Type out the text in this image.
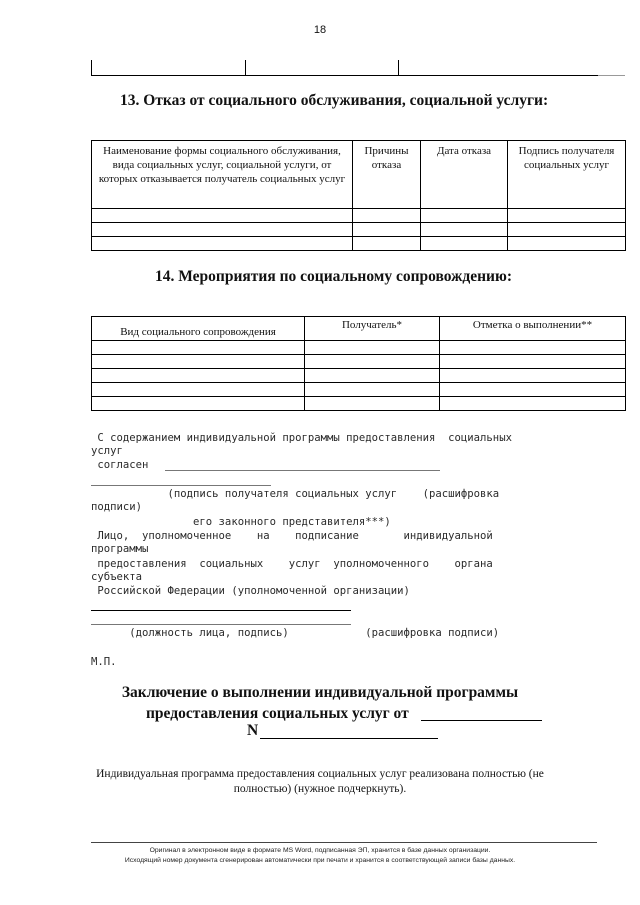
18
13. Отказ от социального обслуживания, социальной услуги:
Наименование формы социального обслуживания, вида социальных услуг, социальной услуги, от которых отказывается получатель социальных услуг	Причины отказа	Дата отказа	Подпись получателя социальных услуг

14. Мероприятия по социальному сопровождению:
Вид социального сопровождения	Получатель*	Отметка о выполнении**

С содержанием индивидуальной программы предоставления  социальных
услуг
согласен
(подпись получателя социальных услуг    (расшифровка
подписи)
его законного представителя***)
Лицо,  уполномоченное    на    подписание       индивидуальной
программы
предоставления  социальных    услуг  уполномоченного    органа
субъекта
Российской Федерации (уполномоченной организации)
(должность лица, подпись)            (расшифровка подписи)
М.П.
Заключение о выполнении индивидуальной программы
предоставления социальных услуг от
N
Индивидуальная программа предоставления социальных услуг реализована полностью (не
полностью) (нужное подчеркнуть).
Оригинал в электронном виде в формате MS Word, подписанная ЭП, хранится в базе данных организации.
Исходящий номер документа сгенерирован автоматически при печати и хранится в соответствующей записи базы данных.
